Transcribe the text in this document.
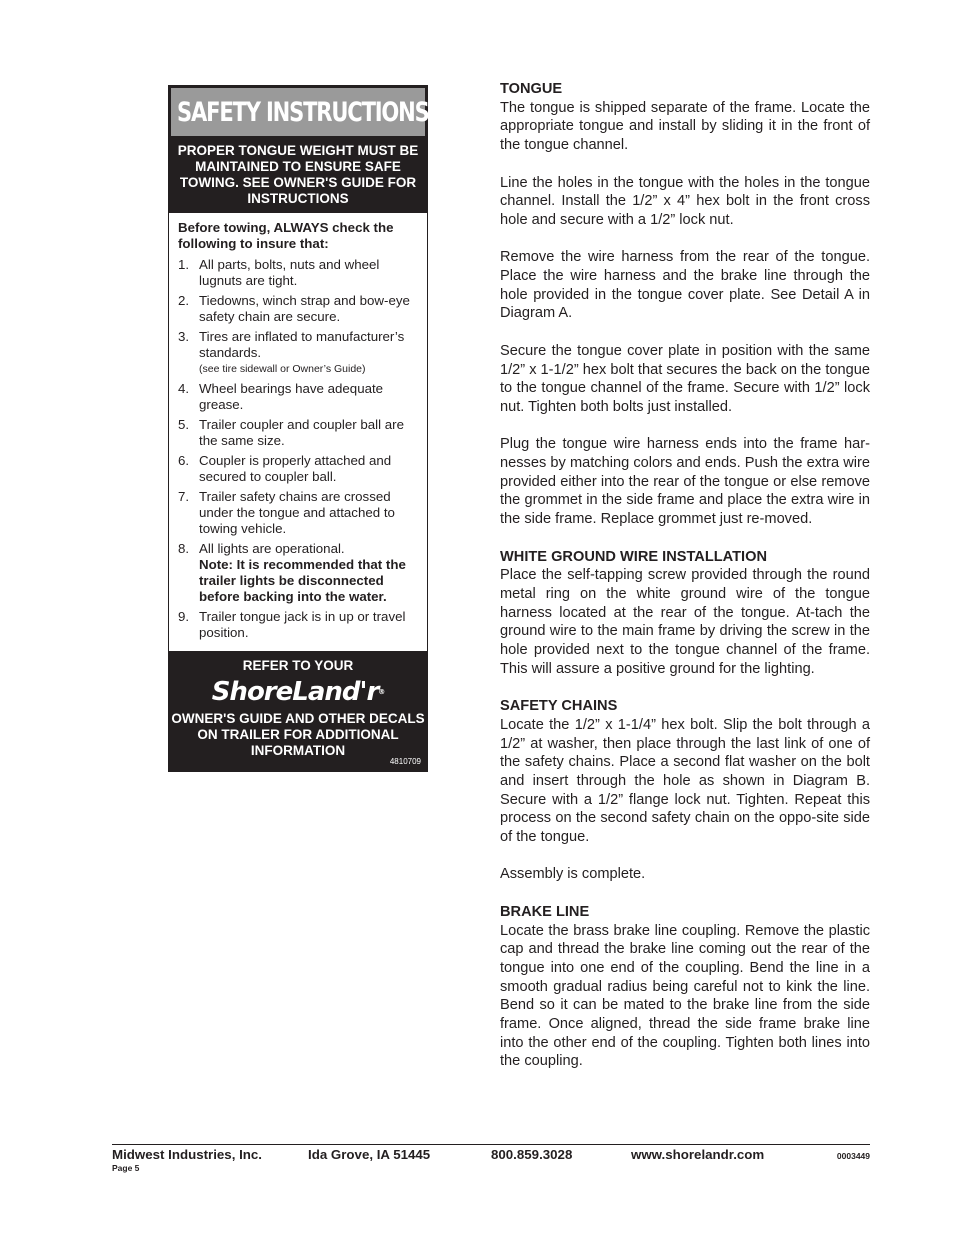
SAFETY INSTRUCTIONS
PROPER TONGUE WEIGHT MUST BE MAINTAINED TO ENSURE SAFE TOWING. SEE OWNER'S GUIDE FOR INSTRUCTIONS
Before towing, ALWAYS check the following to insure that:
1. All parts, bolts, nuts and wheel lugnuts are tight.
2. Tiedowns, winch strap and bow-eye safety chain are secure.
3. Tires are inflated to manufacturer’s standards.
(see tire sidewall or Owner’s Guide)
4. Wheel bearings have adequate grease.
5. Trailer coupler and coupler ball are the same size.
6. Coupler is properly attached and secured to coupler ball.
7. Trailer safety chains are crossed under the tongue and attached to towing vehicle.
8. All lights are operational.
Note: It is recommended that the trailer lights be disconnected before backing into the water.
9. Trailer tongue jack is in up or travel position.
REFER TO YOUR
ShoreLand'r®
OWNER'S GUIDE AND OTHER DECALS ON TRAILER FOR ADDITIONAL INFORMATION
4810709
TONGUE

The tongue is shipped separate of the frame. Locate the appropriate tongue and install by sliding it in the front of the tongue channel.

Line the holes in the tongue with the holes in the tongue channel. Install the 1/2” x 4” hex bolt in the front cross hole and secure with a 1/2” lock nut.

Remove the wire harness from the rear of the tongue. Place the wire harness and the brake line through the hole provided in the tongue cover plate. See Detail A in Diagram A.

Secure the tongue cover plate in position with the same 1/2” x 1-1/2” hex bolt that secures the back on the tongue to the tongue channel of the frame. Secure with 1/2” lock nut. Tighten both bolts just installed.

Plug the tongue wire harness ends into the frame har-nesses by matching colors and ends. Push the extra wire provided either into the rear of the tongue or else remove the grommet in the side frame and place the extra wire in the side frame. Replace grommet just re-moved.

WHITE GROUND WIRE INSTALLATION

Place the self-tapping screw provided through the round metal ring on the white ground wire of the tongue harness located at the rear of the tongue. At-tach the ground wire to the main frame by driving the screw in the hole provided next to the tongue channel of the frame. This will assure a positive ground for the lighting.

SAFETY CHAINS

Locate the 1/2” x 1-1/4” hex bolt. Slip the bolt through a 1/2” at washer, then place through the last link of one of the safety chains. Place a second flat washer on the bolt and insert through the hole as shown in Diagram B. Secure with a 1/2” flange lock nut. Tighten. Repeat this process on the second safety chain on the oppo-site side of the tongue.

Assembly is complete.

BRAKE LINE

Locate the brass brake line coupling. Remove the plastic cap and thread the brake line coming out the rear of the tongue into one end of the coupling. Bend the line in a smooth gradual radius being careful not to kink the line. Bend so it can be mated to the brake line from the side frame. Once aligned, thread the side frame brake line into the other end of the coupling. Tighten both lines into the coupling.

Midwest Industries, Inc.	Ida Grove, IA 51445	800.859.3028	www.shorelandr.com	0003449
Page 5
